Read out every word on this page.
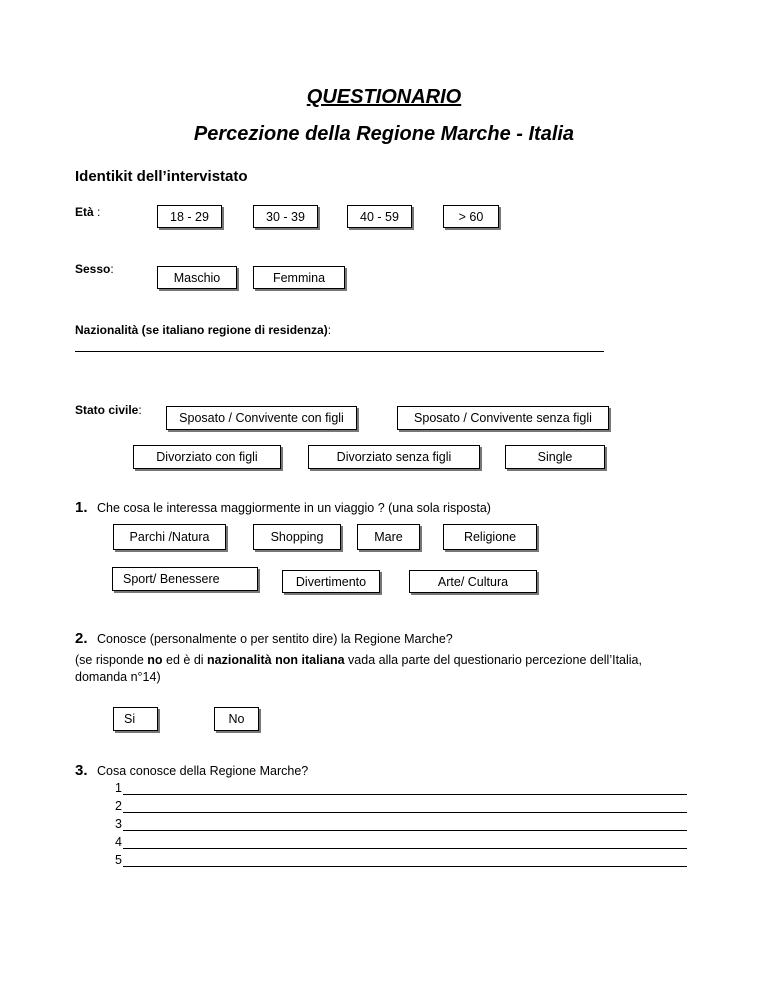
QUESTIONARIO
Percezione della Regione Marche - Italia
Identikit dell’intervistato
Età :	18 - 29	30 - 39	40 - 59	> 60
Sesso:
Maschio	Femmina
Nazionalità (se italiano regione di residenza):
Stato civile:
Sposato / Convivente con figli	Sposato / Convivente senza figli
Divorziato con figli	Divorziato senza figli	Single
1. Che cosa le interessa maggiormente in un viaggio ? (una sola risposta)
Parchi /Natura	Shopping	Mare	Religione
Sport/ Benessere	Divertimento	Arte/ Cultura
2. Conosce (personalmente o per sentito dire) la Regione Marche?
(se risponde no ed è di nazionalità non italiana vada alla parte del questionario percezione dell’Italia,
domanda n°14)
Si	No
3. Cosa conosce della Regione Marche?
1
2
3
4
5
